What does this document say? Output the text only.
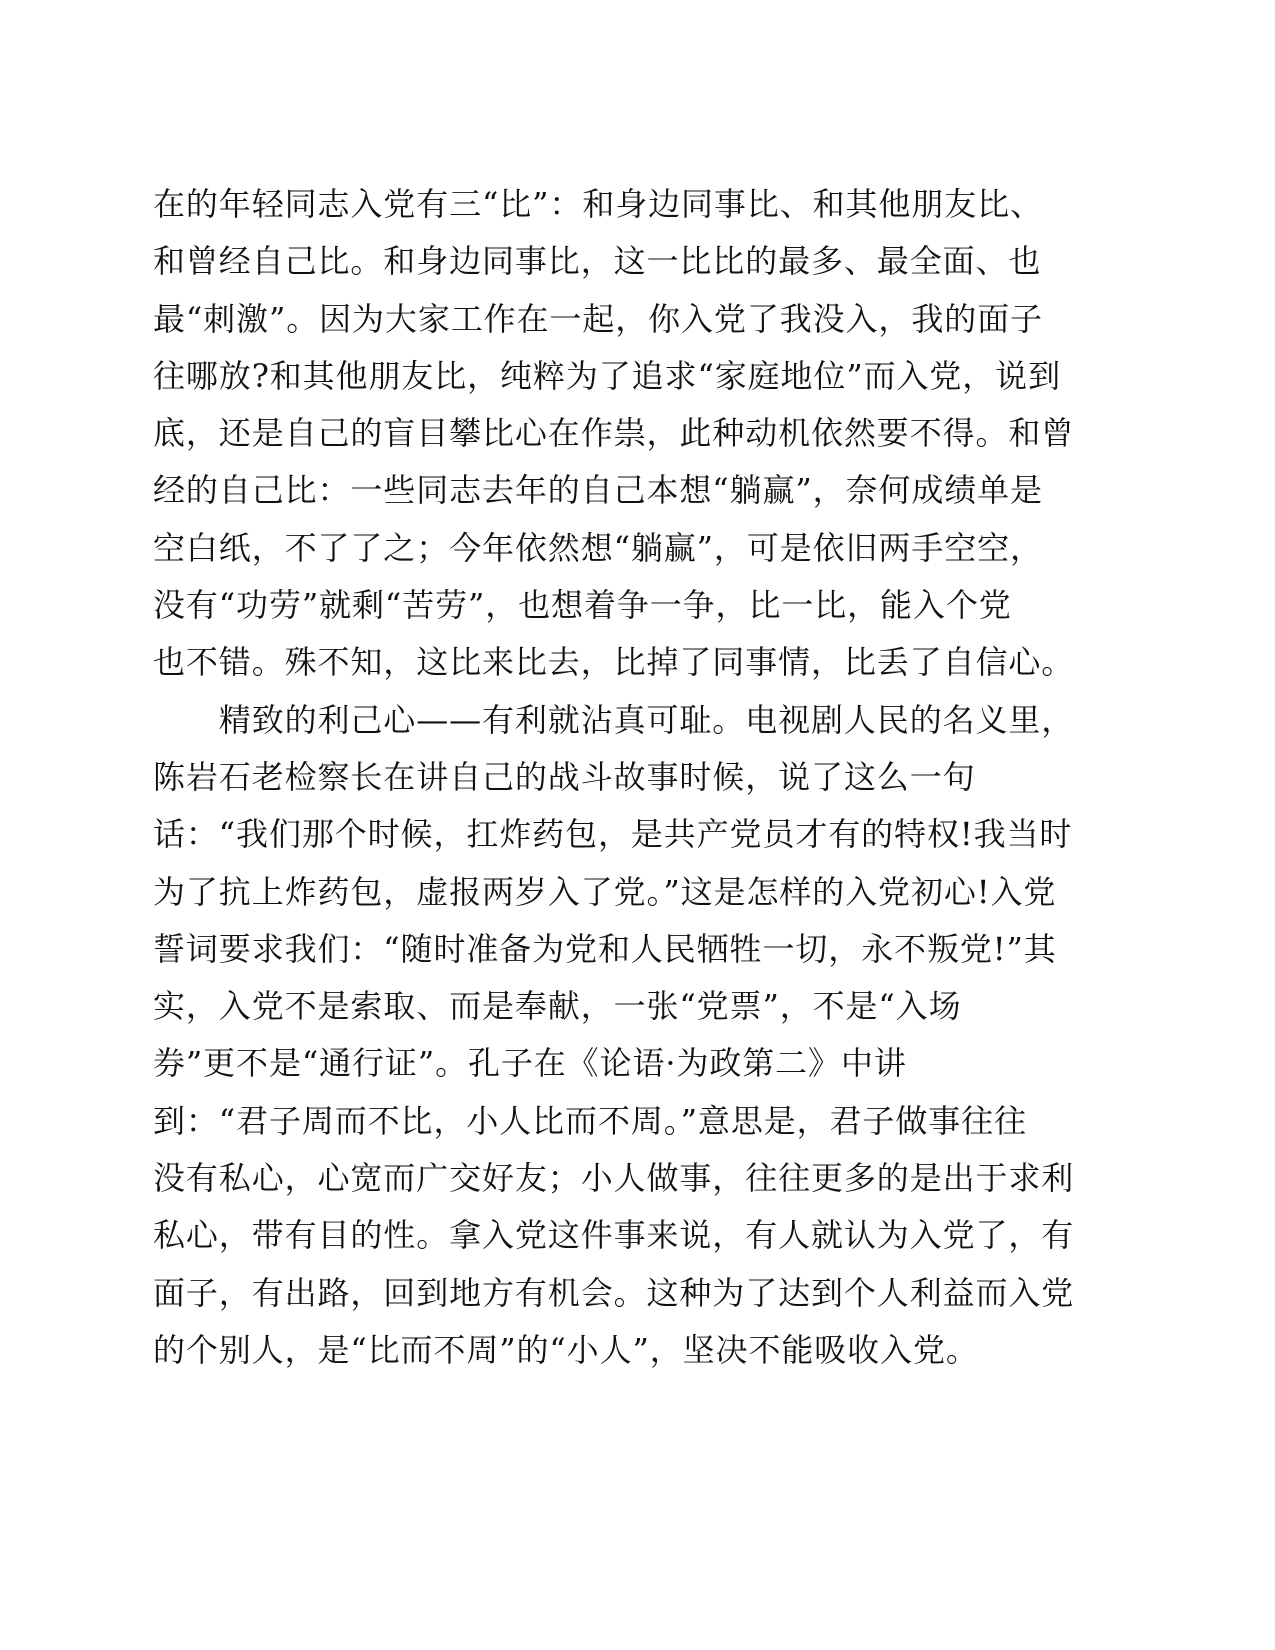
在的年轻同志入党有三“比”：和身边同事比、和其他朋友比、
和曾经自己比。和身边同事比，这一比比的最多、最全面、也
最“刺激”。因为大家工作在一起，你入党了我没入，我的面子
往哪放?和其他朋友比，纯粹为了追求“家庭地位”而入党，说到
底，还是自己的盲目攀比心在作祟，此种动机依然要不得。和曾
经的自己比：一些同志去年的自己本想“躺赢”，奈何成绩单是
空白纸，不了了之；今年依然想“躺赢”，可是依旧两手空空，
没有“功劳”就剩“苦劳”，也想着争一争，比一比，能入个党
也不错。殊不知，这比来比去，比掉了同事情，比丢了自信心。
　　精致的利己心——有利就沾真可耻。电视剧人民的名义里，
陈岩石老检察长在讲自己的战斗故事时候，说了这么一句
话：“我们那个时候，扛炸药包，是共产党员才有的特权!我当时
为了抗上炸药包，虚报两岁入了党。”这是怎样的入党初心!入党
誓词要求我们：“随时准备为党和人民牺牲一切，永不叛党!”其
实，入党不是索取、而是奉献，一张“党票”，不是“入场
券”更不是“通行证”。孔子在《论语·为政第二》中讲
到：“君子周而不比，小人比而不周。”意思是，君子做事往往
没有私心，心宽而广交好友；小人做事，往往更多的是出于求利
私心，带有目的性。拿入党这件事来说，有人就认为入党了，有
面子，有出路，回到地方有机会。这种为了达到个人利益而入党
的个别人，是“比而不周”的“小人”，坚决不能吸收入党。
